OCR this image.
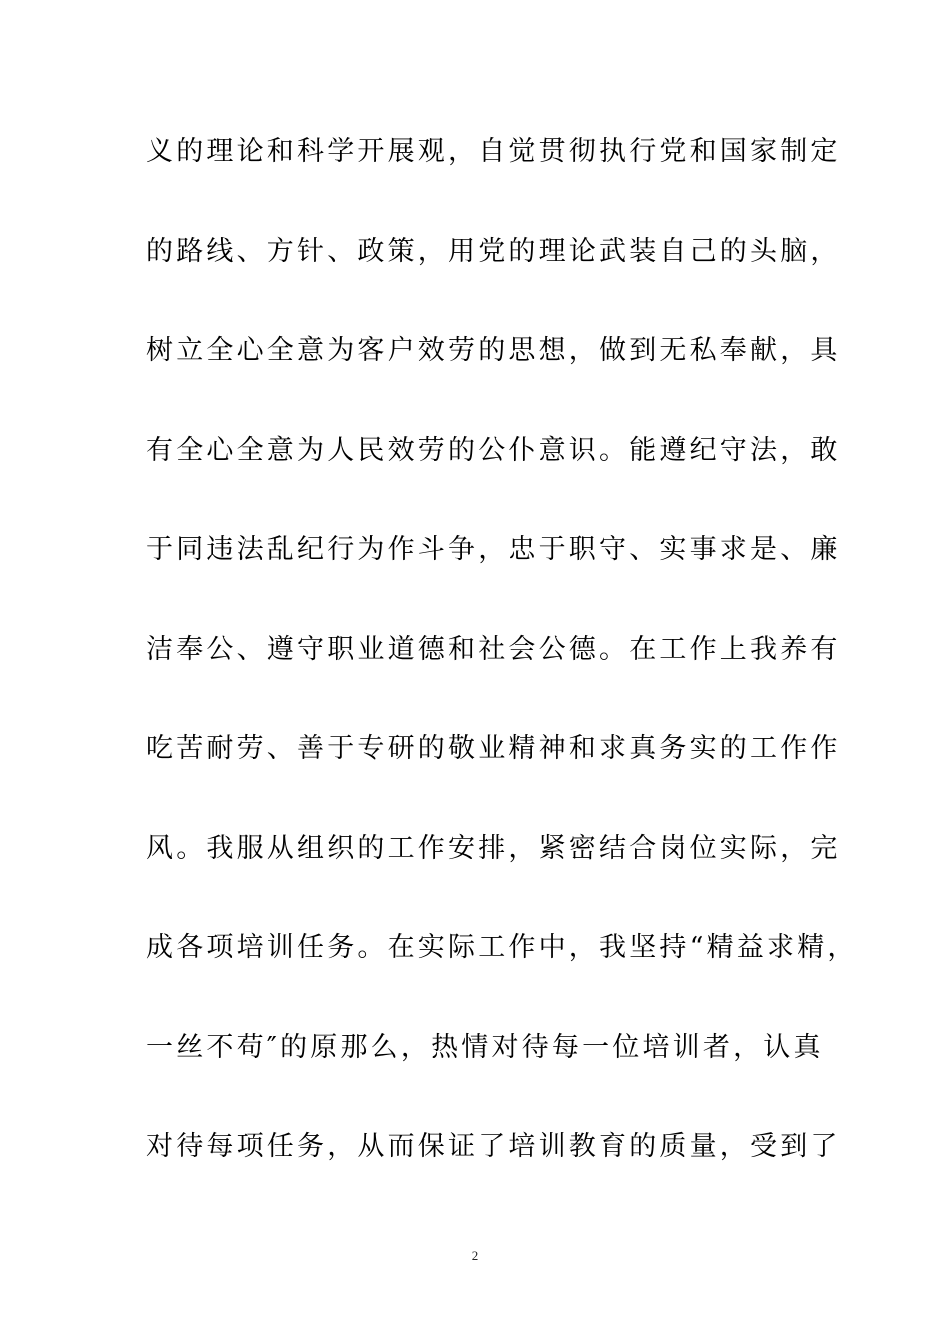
义的理论和科学开展观，自觉贯彻执行党和国家制定
的路线、方针、政策，用党的理论武装自己的头脑，
树立全心全意为客户效劳的思想，做到无私奉献，具
有全心全意为人民效劳的公仆意识。能遵纪守法，敢
于同违法乱纪行为作斗争，忠于职守、实事求是、廉
洁奉公、遵守职业道德和社会公德。在工作上我养有
吃苦耐劳、善于专研的敬业精神和求真务实的工作作
风。我服从组织的工作安排，紧密结合岗位实际，完
成各项培训任务。在实际工作中，我坚持“精益求精，
一丝不苟″的原那么，热情对待每一位培训者，认真
对待每项任务，从而保证了培训教育的质量，受到了
2
